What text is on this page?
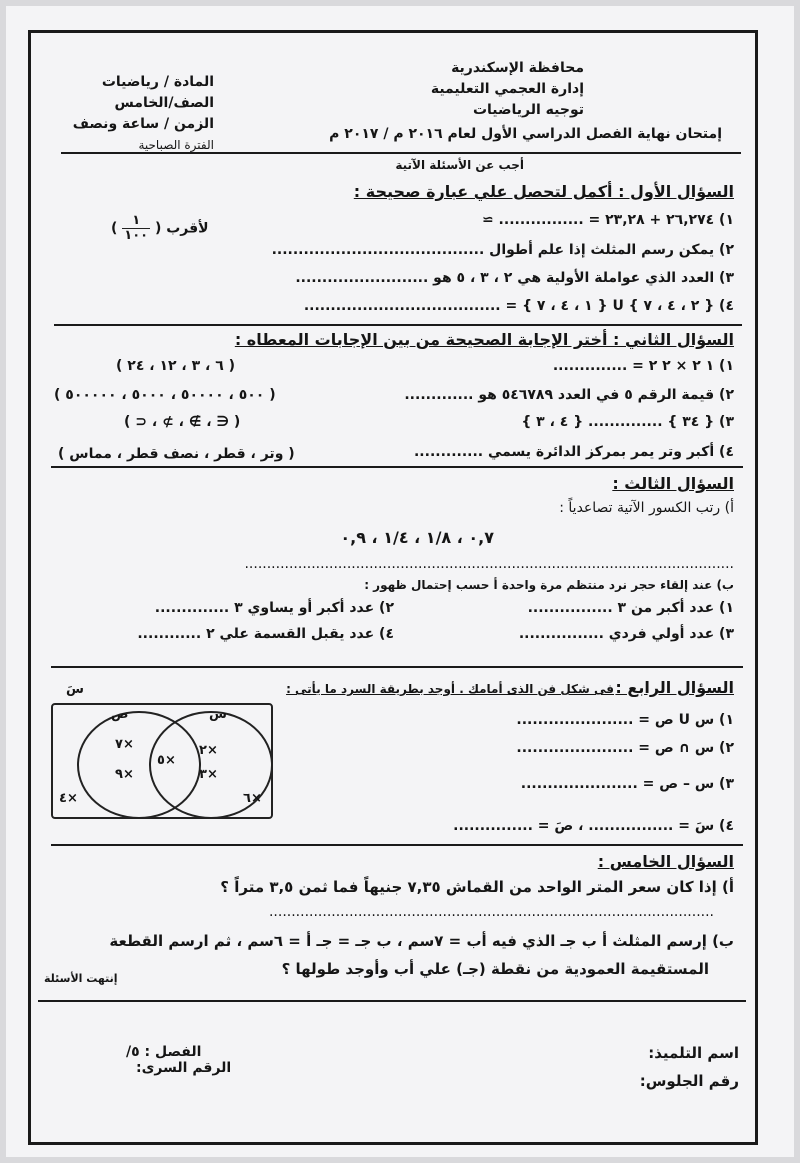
محافظة الإسكندرية
إدارة العجمي التعليمية
توجيه الرياضيات
المادة / رياضيات
الصف/الخامس
الزمن / ساعة ونصف
الفترة الصباحية
إمتحان نهاية الفصل الدراسي الأول لعام ٢٠١٦ م / ٢٠١٧ م
أجب عن الأسئلة الآتية
السؤال الأول : أكمل لتحصل علي عبارة صحيحة :
١) ٢٦,٢٧٤ + ٢٣,٢٨ = ................ ≃
لأقرب (
$\frac{١}{١٠٠}$
)
٢) يمكن رسم المثلث إذا علم أطوال ........................................
٣) العدد الذي عواملة الأولية هي ٢ ، ٣ ، ٥ هو .........................
٤) { ٢ ، ٤ ، ٧ } U { ١ ، ٤ ، ٧ } = .....................................
السؤال الثاني : أختر الإجابة الصحيحة من بين الإجابات المعطاه :
١) ١ ٢ × ٢ ٢ = ..............
( ٦ ، ٣ ، ١٢ ، ٢٤ )
٢) قيمة الرقم ٥ في العدد ٥٤٦٧٨٩ هو .............
( ٥٠٠ ، ٥٠٠٠٠ ، ٥٠٠٠ ، ٥٠٠٠٠٠ )
٣) { ٣٤ } .............. { ٤ ، ٣ }
( ∈ ، ∌ ، ⊅ ، ⊂ )
٤) أكبر وتر يمر بمركز الدائرة يسمي .............
( وتر ، قطر ، نصف قطر ، مماس )
السؤال الثالث :
أ) رتب الكسور الآتية تصاعدياً :
٠,٧ ، ١/٨ ، ١/٤ ، ٠,٩
..............................................................................................................
ب) عند إلقاء حجر نرد منتظم مرة واحدة أ حسب إحتمال ظهور :
١) عدد أكبر من ٣ ................
٢) عدد أكبر أو يساوي ٣ ..............
٣) عدد أولي فردي ................
٤) عدد يقبل القسمة علي ٢ ............
السؤال الرابع :
فى شكل فن الذى أمامك . أوجد بطريقة السرد ما يأتى :
١) س U ص = ......................
٢) س ∩ ص = ......................
٣) س – ص = ......................
٤) سَ = ................ ، صَ = ...............
سَ
ص	س
×٧
×٩
×٥
×٢
×٣
×٤	×٦
السؤال الخامس :
أ) إذا كان سعر المتر الواحد من القماش ٧,٣٥ جنيهاً فما ثمن ٣,٥ متراً ؟
....................................................................................................
ب) إرسم المثلث أ ب جـ الذي فيه أب = ٧سم ، ب جـ = جـ أ = ٦سم ، ثم ارسم القطعة
المستقيمة العمودية من نقطة (جـ) علي أب وأوجد طولها ؟
إنتهت الأسئلة
اسم التلميذ:
رقم الجلوس:
الفصل : ٥/
الرقم السرى:
